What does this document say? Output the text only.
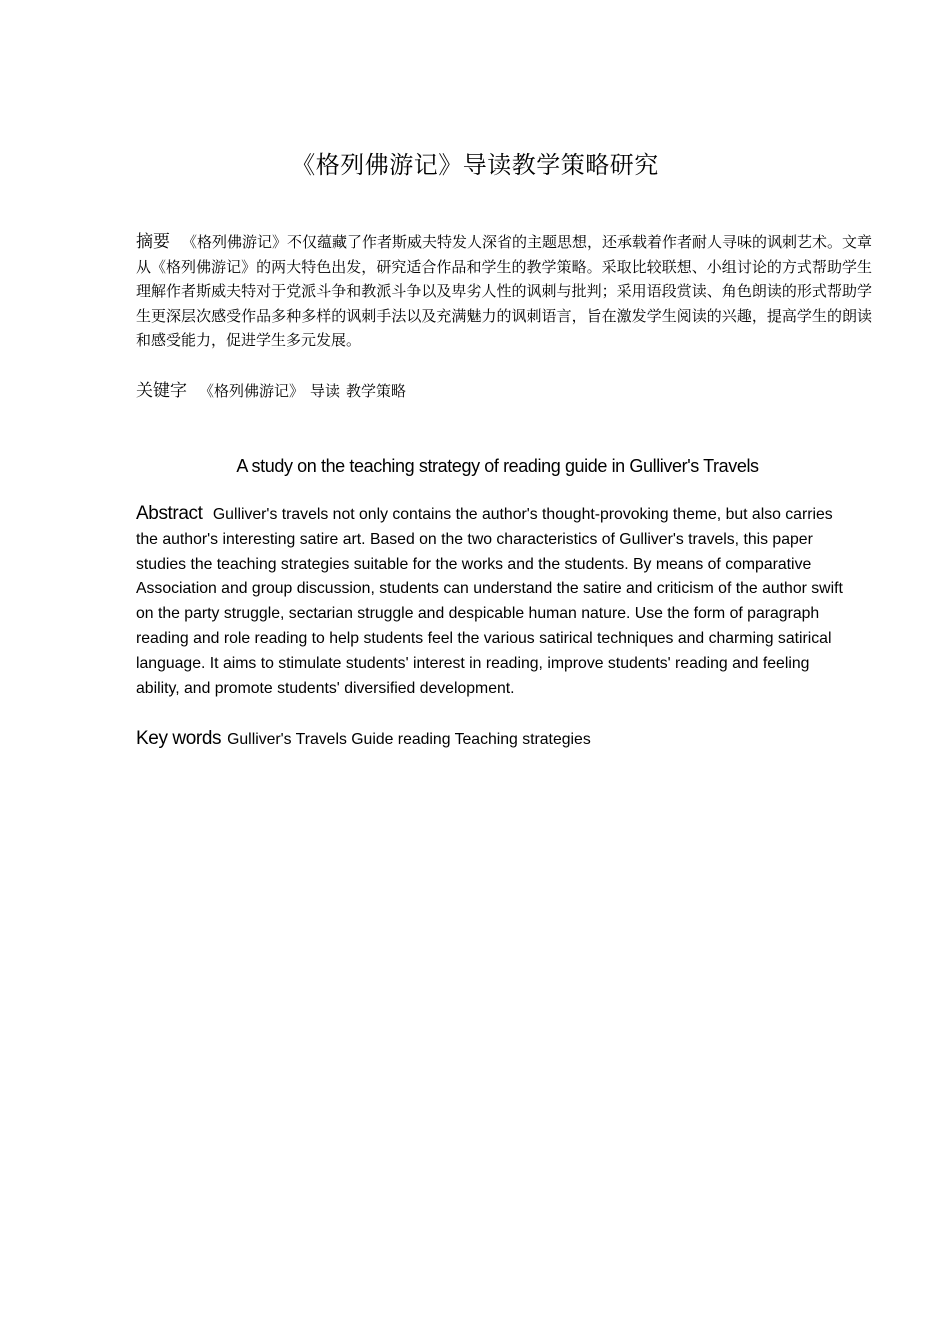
《格列佛游记》导读教学策略研究
摘要 《格列佛游记》不仅蕴藏了作者斯威夫特发人深省的主题思想，还承载着作者耐人寻味的讽刺艺术。文章从《格列佛游记》的两大特色出发，研究适合作品和学生的教学策略。采取比较联想、小组讨论的方式帮助学生理解作者斯威夫特对于党派斗争和教派斗争以及卑劣人性的讽刺与批判；采用语段赏读、角色朗读的形式帮助学生更深层次感受作品多种多样的讽刺手法以及充满魅力的讽刺语言，旨在激发学生阅读的兴趣，提高学生的朗读和感受能力，促进学生多元发展。
关键字 《格列佛游记》 导读 教学策略
A study on the teaching strategy of reading guide in Gulliver's Travels
Abstract Gulliver's travels not only contains the author's thought-provoking theme, but also carries the author's interesting satire art. Based on the two characteristics of Gulliver's travels, this paper studies the teaching strategies suitable for the works and the students. By means of comparative Association and group discussion, students can understand the satire and criticism of the author swift on the party struggle, sectarian struggle and despicable human nature. Use the form of paragraph reading and role reading to help students feel the various satirical techniques and charming satirical language. It aims to stimulate students' interest in reading, improve students' reading and feeling ability, and promote students' diversified development.
Key words Gulliver's Travels Guide reading Teaching strategies
